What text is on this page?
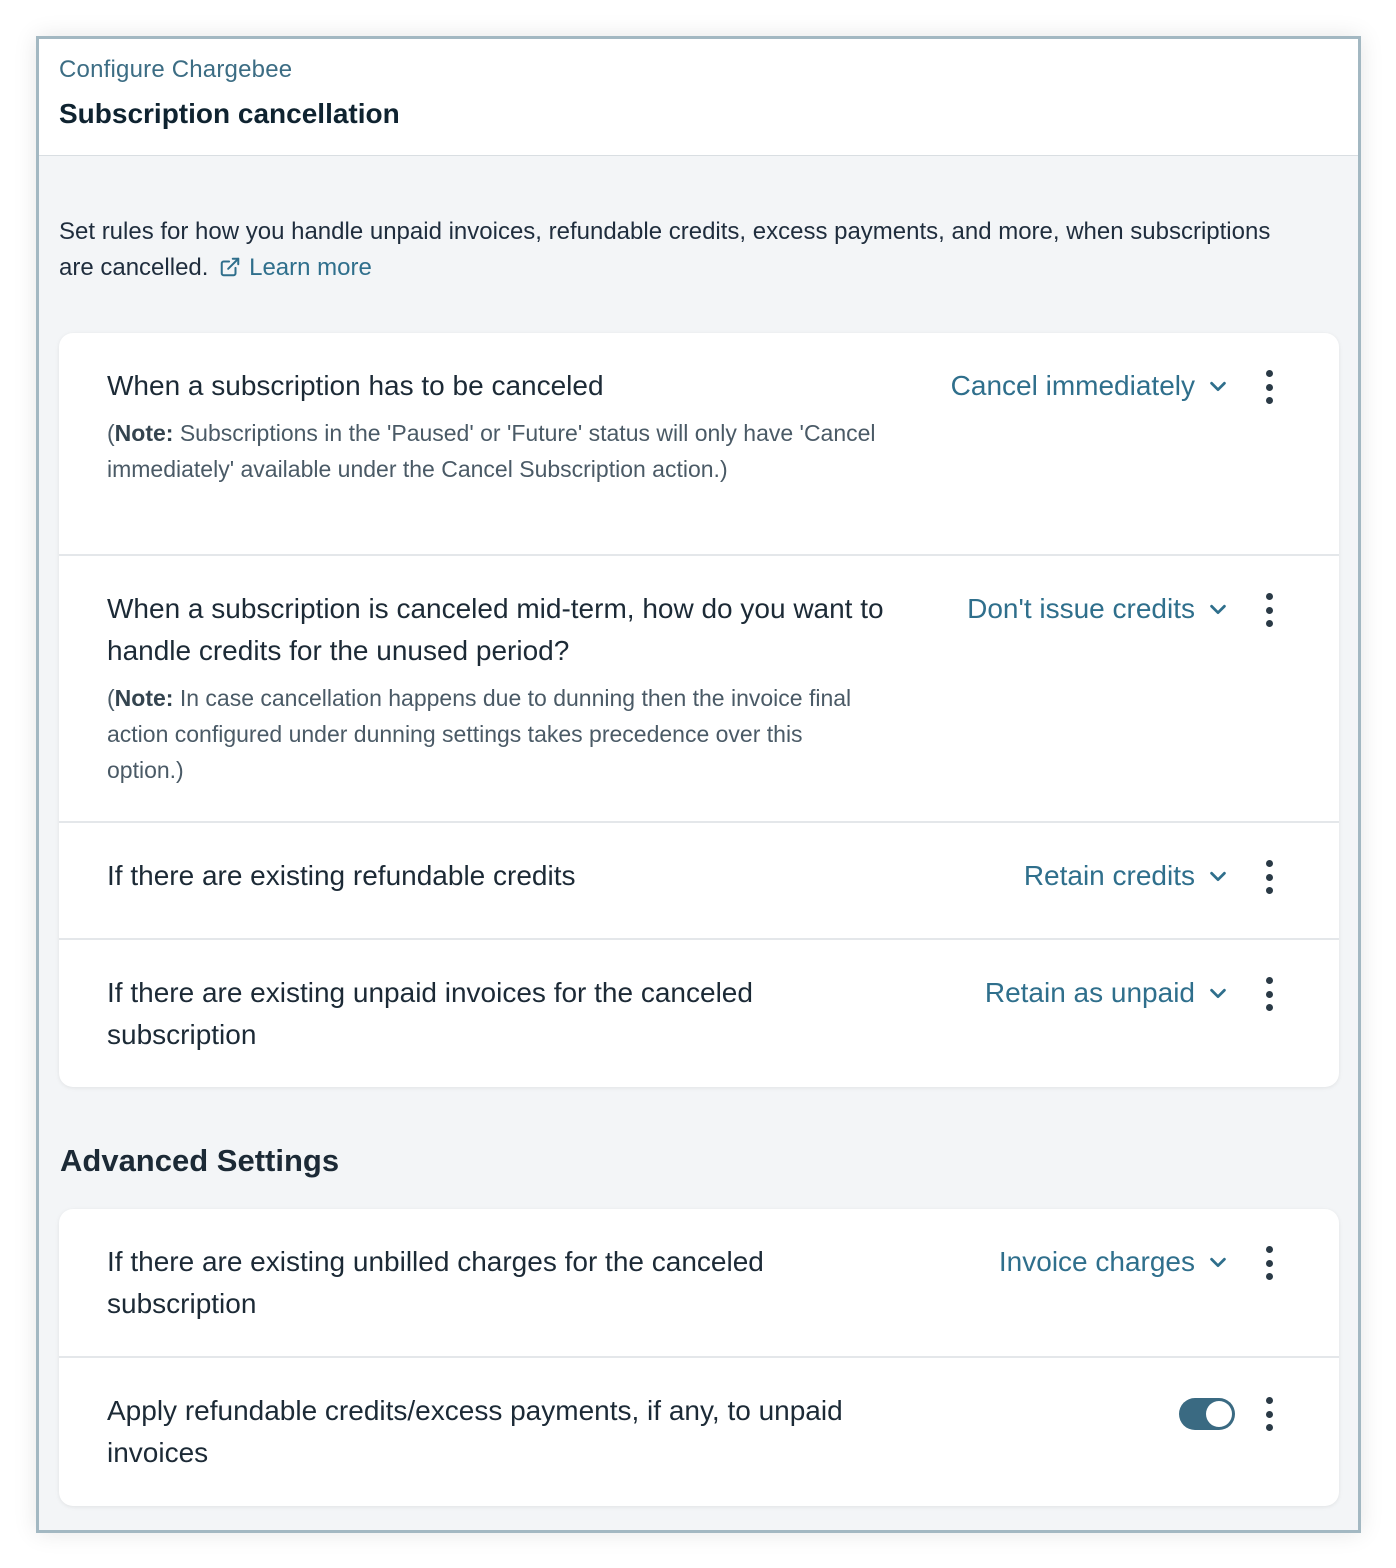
Configure Chargebee
Subscription cancellation
Set rules for how you handle unpaid invoices, refundable credits, excess payments, and more, when subscriptions are cancelled. Learn more
When a subscription has to be canceled
(Note: Subscriptions in the 'Paused' or 'Future' status will only have 'Cancel immediately' available under the Cancel Subscription action.)
Cancel immediately
When a subscription is canceled mid-term, how do you want to handle credits for the unused period?
(Note: In case cancellation happens due to dunning then the invoice final action configured under dunning settings takes precedence over this option.)
Don't issue credits
If there are existing refundable credits	Retain credits
If there are existing unpaid invoices for the canceled subscription
Retain as unpaid
Advanced Settings
If there are existing unbilled charges for the canceled subscription
Invoice charges
Apply refundable credits/excess payments, if any, to unpaid invoices
